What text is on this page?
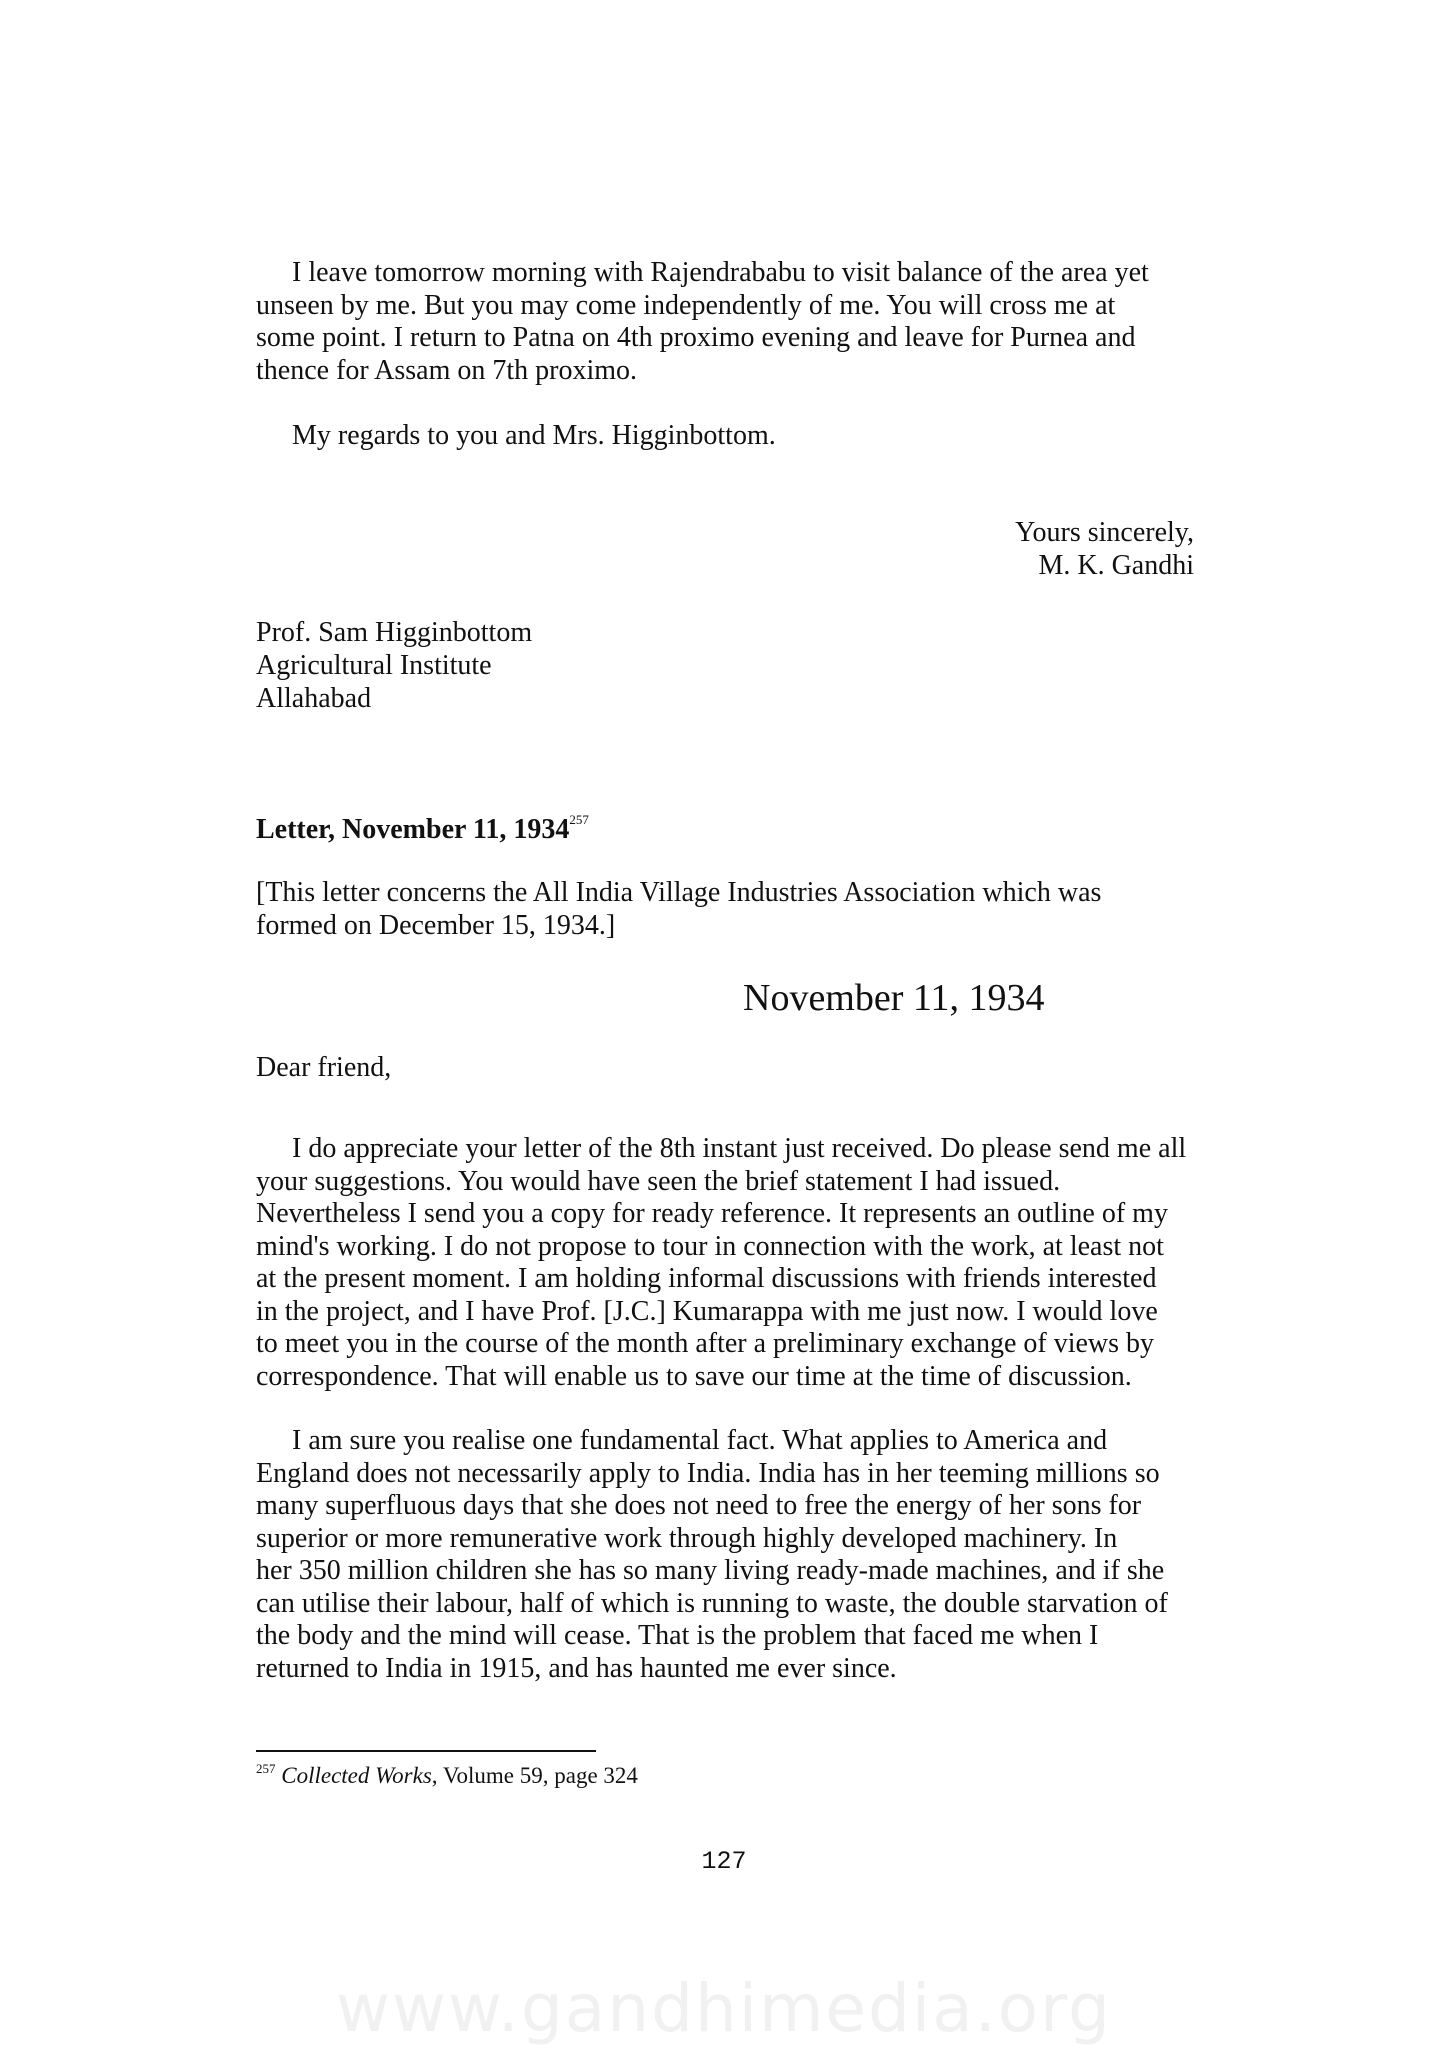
I leave tomorrow morning with Rajendrababu to visit balance of the area yet
unseen by me. But you may come independently of me. You will cross me at
some point. I return to Patna on 4th proximo evening and leave for Purnea and
thence for Assam on 7th proximo.
My regards to you and Mrs. Higginbottom.

Yours sincerely,

M. K. Gandhi

Prof. Sam Higginbottom
Agricultural Institute
Allahabad

Letter, November 11, 1934$^{257}$

[This letter concerns the All India Village Industries Association which was
formed on December 15, 1934.]

November 11, 1934

Dear friend,
I do appreciate your letter of the 8th instant just received. Do please send me all
your suggestions. You would have seen the brief statement I had issued.
Nevertheless I send you a copy for ready reference. It represents an outline of my
mind's working. I do not propose to tour in connection with the work, at least not
at the present moment. I am holding informal discussions with friends interested
in the project, and I have Prof. [J.C.] Kumarappa with me just now. I would love
to meet you in the course of the month after a preliminary exchange of views by
correspondence. That will enable us to save our time at the time of discussion.
I am sure you realise one fundamental fact. What applies to America and
England does not necessarily apply to India. India has in her teeming millions so
many superfluous days that she does not need to free the energy of her sons for
superior or more remunerative work through highly developed machinery. In
her 350 million children she has so many living ready-made machines, and if she
can utilise their labour, half of which is running to waste, the double starvation of
the body and the mind will cease. That is the problem that faced me when I
returned to India in 1915, and has haunted me ever since.

$^{257}$ Collected Works, Volume 59, page 324

127

www.gandhimedia.org
